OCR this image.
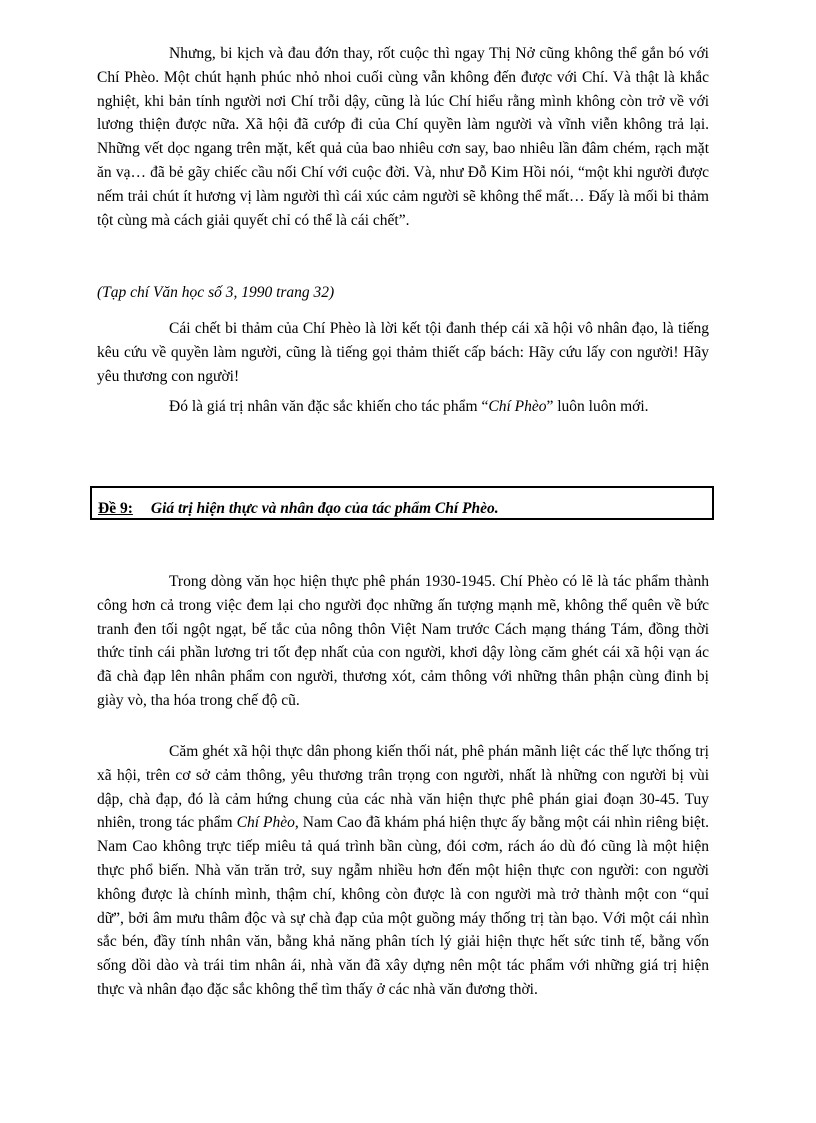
Nhưng, bi kịch và đau đớn thay, rốt cuộc thì ngay Thị Nở cũng không thể gắn bó với Chí Phèo. Một chút hạnh phúc nhỏ nhoi cuối cùng vẫn không đến được với Chí. Và thật là khắc nghiệt, khi bản tính người nơi Chí trỗi dậy, cũng là lúc Chí hiểu rằng mình không còn trở về với lương thiện được nữa. Xã hội đã cướp đi của Chí quyền làm người và vĩnh viễn không trả lại. Những vết dọc ngang trên mặt, kết quả của bao nhiêu cơn say, bao nhiêu lần đâm chém, rạch mặt ăn vạ… đã bẻ gãy chiếc cầu nối Chí với cuộc đời. Và, như Đỗ Kim Hồi nói, “một khi người được nếm trải chút ít hương vị làm người thì cái xúc cảm người sẽ không thể mất… Đấy là mối bi thảm tột cùng mà cách giải quyết chỉ có thể là cái chết”.

(Tạp chí Văn học số 3, 1990 trang 32)

Cái chết bi thảm của Chí Phèo là lời kết tội đanh thép cái xã hội vô nhân đạo, là tiếng kêu cứu về quyền làm người, cũng là tiếng gọi thảm thiết cấp bách: Hãy cứu lấy con người! Hãy yêu thương con người!

Đó là giá trị nhân văn đặc sắc khiến cho tác phẩm “Chí Phèo” luôn luôn mới.

Đề 9: Giá trị hiện thực và nhân đạo của tác phẩm Chí Phèo.

Trong dòng văn học hiện thực phê phán 1930-1945. Chí Phèo có lẽ là tác phẩm thành công hơn cả trong việc đem lại cho người đọc những ấn tượng mạnh mẽ, không thể quên về bức tranh đen tối ngột ngạt, bế tắc của nông thôn Việt Nam trước Cách mạng tháng Tám, đồng thời thức tỉnh cái phần lương tri tốt đẹp nhất của con người, khơi dậy lòng căm ghét cái xã hội vạn ác đã chà đạp lên nhân phẩm con người, thương xót, cảm thông với những thân phận cùng đinh bị giày vò, tha hóa trong chế độ cũ.

Căm ghét xã hội thực dân phong kiến thối nát, phê phán mãnh liệt các thế lực thống trị xã hội, trên cơ sở cảm thông, yêu thương trân trọng con người, nhất là những con người bị vùi dập, chà đạp, đó là cảm hứng chung của các nhà văn hiện thực phê phán giai đoạn 30-45. Tuy nhiên, trong tác phẩm Chí Phèo, Nam Cao đã khám phá hiện thực ấy bằng một cái nhìn riêng biệt. Nam Cao không trực tiếp miêu tả quá trình bần cùng, đói cơm, rách áo dù đó cũng là một hiện thực phổ biến. Nhà văn trăn trở, suy ngẫm nhiều hơn đến một hiện thực con người: con người không được là chính mình, thậm chí, không còn được là con người mà trở thành một con “quỉ dữ”, bởi âm mưu thâm độc và sự chà đạp của một guồng máy thống trị tàn bạo. Với một cái nhìn sắc bén, đầy tính nhân văn, bằng khả năng phân tích lý giải hiện thực hết sức tinh tế, bằng vốn sống dồi dào và trái tim nhân ái, nhà văn đã xây dựng nên một tác phẩm với những giá trị hiện thực và nhân đạo đặc sắc không thể tìm thấy ở các nhà văn đương thời.
